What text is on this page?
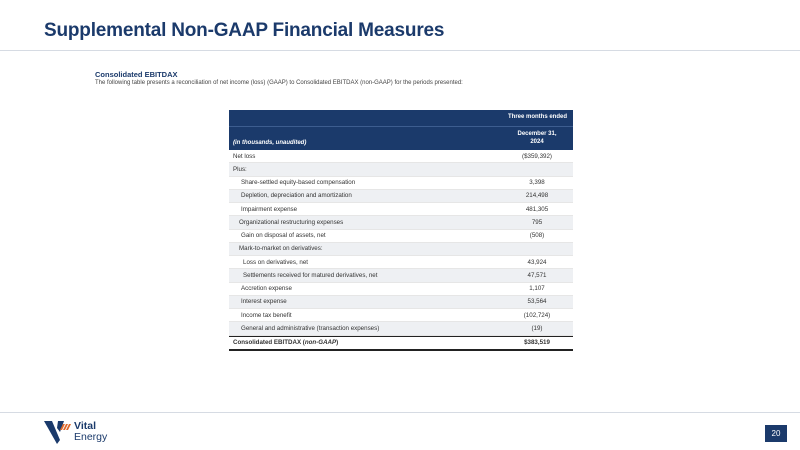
Supplemental Non-GAAP Financial Measures
Consolidated EBITDAX
The following table presents a reconciliation of net income (loss) (GAAP) to Consolidated EBITDAX (non-GAAP) for the periods presented:
Three months ended
(in thousands, unaudited)
December 31,
2024
Net loss	($359,392)
Plus:
Share-settled equity-based compensation	3,398
Depletion, depreciation and amortization	214,498
Impairment expense	481,305
Organizational restructuring expenses	795
Gain on disposal of assets, net	(508)
Mark-to-market on derivatives:
Loss on derivatives, net	43,924
Settlements received for matured derivatives, net	47,571
Accretion expense	1,107
Interest expense	53,564
Income tax benefit	(102,724)
General and administrative (transaction expenses)	(19)
Consolidated EBITDAX (non-GAAP)	$383,519
Vital
Energy	20
